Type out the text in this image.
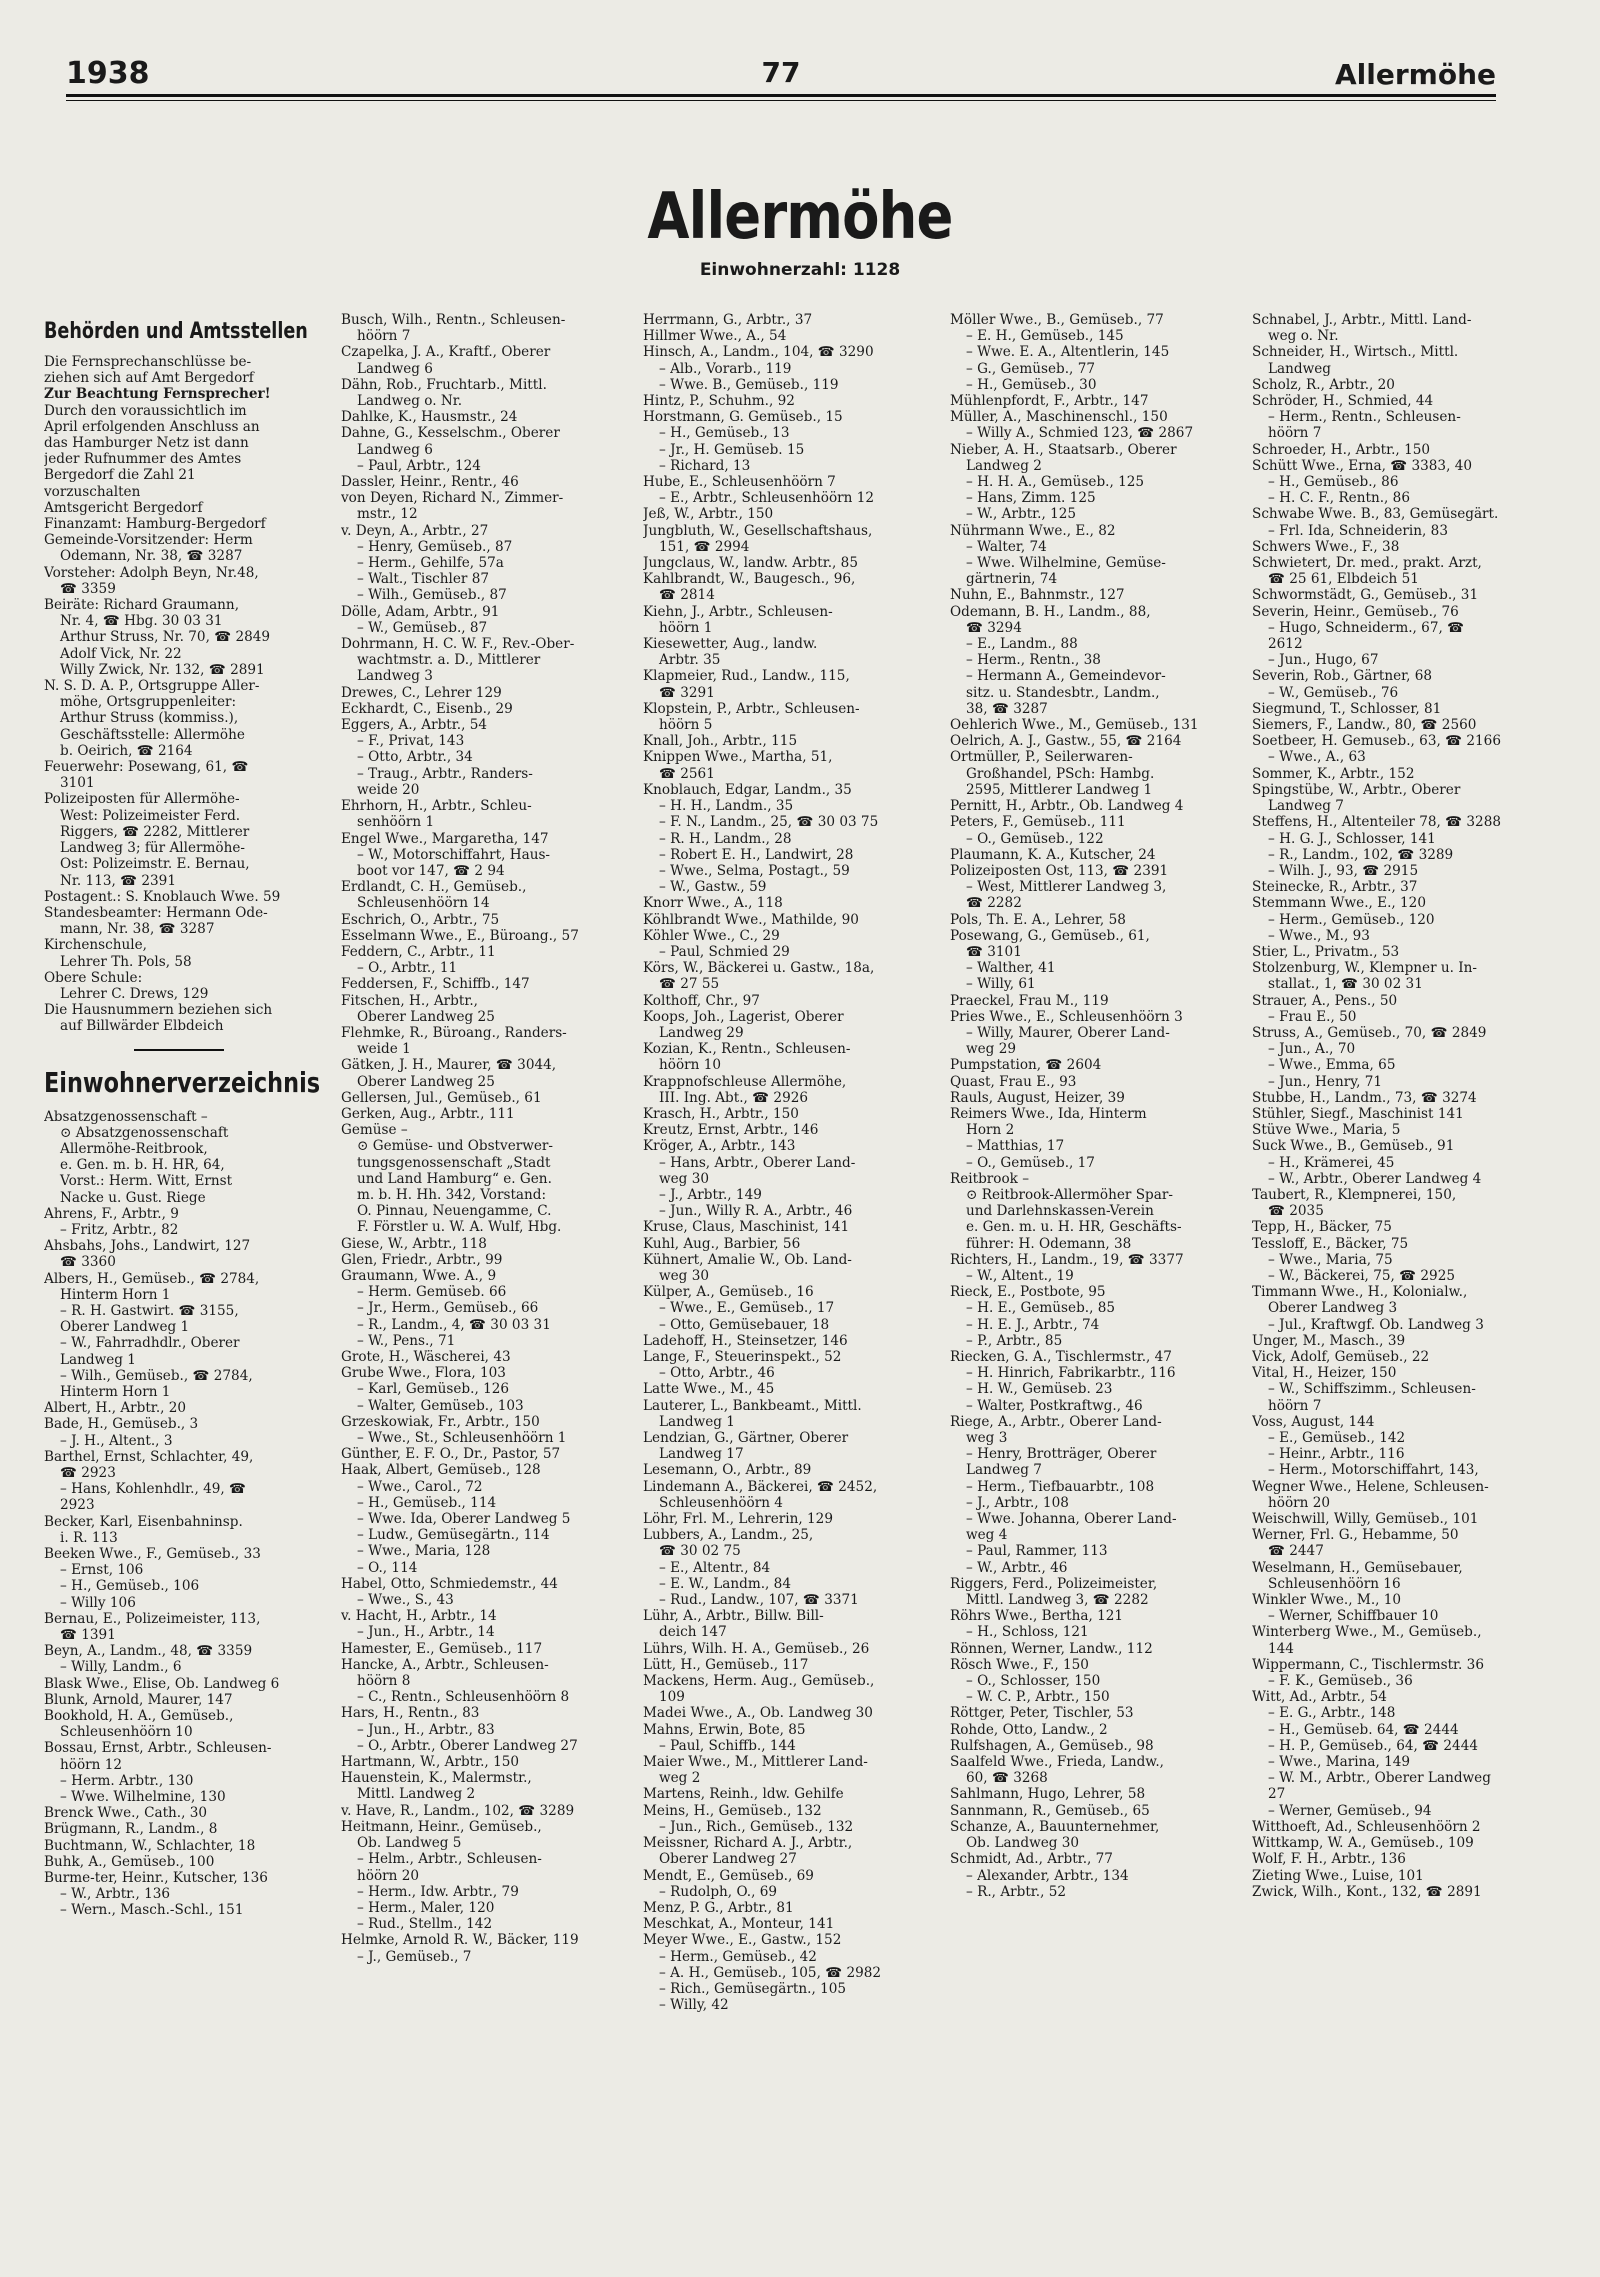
1938	77	Allermöhe
Allermöhe
Einwohnerzahl: 1128
Behörden und Amtsstellen
Die Fernsprechanschlüsse be-
ziehen sich auf Amt Bergedorf
Zur Beachtung Fernsprecher!
Durch den voraussichtlich im
April erfolgenden Anschluss an
das Hamburger Netz ist dann
jeder Rufnummer des Amtes
Bergedorf die Zahl 21
vorzuschalten
Amtsgericht Bergedorf
Finanzamt: Hamburg-Bergedorf
Gemeinde-Vorsitzender: Herm
Odemann, Nr. 38, ☎ 3287
Vorsteher: Adolph Beyn, Nr.48,
☎ 3359
Beiräte: Richard Graumann,
Nr. 4, ☎ Hbg. 30 03 31
Arthur Struss, Nr. 70, ☎ 2849
Adolf Vick, Nr. 22
Willy Zwick, Nr. 132, ☎ 2891
N. S. D. A. P., Ortsgruppe Aller-
möhe, Ortsgruppenleiter:
Arthur Struss (kommiss.),
Geschäftsstelle: Allermöhe
b. Oeirich, ☎ 2164
Feuerwehr: Posewang, 61, ☎
3101
Polizeiposten für Allermöhe-
West: Polizeimeister Ferd.
Riggers, ☎ 2282, Mittlerer
Landweg 3; für Allermöhe-
Ost: Polizeimstr. E. Bernau,
Nr. 113, ☎ 2391
Postagent.: S. Knoblauch Wwe. 59
Standesbeamter: Hermann Ode-
mann, Nr. 38, ☎ 3287
Kirchenschule,
Lehrer Th. Pols, 58
Obere Schule:
Lehrer C. Drews, 129
Die Hausnummern beziehen sich
auf Billwärder Elbdeich
Einwohnerverzeichnis
Absatzgenossenschaft –
⊙ Absatzgenossenschaft
Allermöhe-Reitbrook,
e. Gen. m. b. H. HR, 64,
Vorst.: Herm. Witt, Ernst
Nacke u. Gust. Riege
Ahrens, F., Arbtr., 9
– Fritz, Arbtr., 82
Ahsbahs, Johs., Landwirt, 127
☎ 3360
Albers, H., Gemüseb., ☎ 2784,
Hinterm Horn 1
– R. H. Gastwirt. ☎ 3155,
Oberer Landweg 1
– W., Fahrradhdlr., Oberer
Landweg 1
– Wilh., Gemüseb., ☎ 2784,
Hinterm Horn 1
Albert, H., Arbtr., 20
Bade, H., Gemüseb., 3
– J. H., Altent., 3
Barthel, Ernst, Schlachter, 49,
☎ 2923
– Hans, Kohlenhdlr., 49, ☎
2923
Becker, Karl, Eisenbahninsp.
i. R. 113
Beeken Wwe., F., Gemüseb., 33
– Ernst, 106
– H., Gemüseb., 106
– Willy 106
Bernau, E., Polizeimeister, 113,
☎ 1391
Beyn, A., Landm., 48, ☎ 3359
– Willy, Landm., 6
Blask Wwe., Elise, Ob. Landweg 6
Blunk, Arnold, Maurer, 147
Bookhold, H. A., Gemüseb.,
Schleusenhöörn 10
Bossau, Ernst, Arbtr., Schleusen-
höörn 12
– Herm. Arbtr., 130
– Wwe. Wilhelmine, 130
Brenck Wwe., Cath., 30
Brügmann, R., Landm., 8
Buchtmann, W., Schlachter, 18
Buhk, A., Gemüseb., 100
Burme-ter, Heinr., Kutscher, 136
– W., Arbtr., 136
– Wern., Masch.-Schl., 151
Busch, Wilh., Rentn., Schleusen-
höörn 7
Czapelka, J. A., Kraftf., Oberer
Landweg 6
Dähn, Rob., Fruchtarb., Mittl.
Landweg o. Nr.
Dahlke, K., Hausmstr., 24
Dahne, G., Kesselschm., Oberer
Landweg 6
– Paul, Arbtr., 124
Dassler, Heinr., Rentr., 46
von Deyen, Richard N., Zimmer-
mstr., 12
v. Deyn, A., Arbtr., 27
– Henry, Gemüseb., 87
– Herm., Gehilfe, 57a
– Walt., Tischler 87
– Wilh., Gemüseb., 87
Dölle, Adam, Arbtr., 91
– W., Gemüseb., 87
Dohrmann, H. C. W. F., Rev.-Ober-
wachtmstr. a. D., Mittlerer
Landweg 3
Drewes, C., Lehrer 129
Eckhardt, C., Eisenb., 29
Eggers, A., Arbtr., 54
– F., Privat, 143
– Otto, Arbtr., 34
– Traug., Arbtr., Randers-
weide 20
Ehrhorn, H., Arbtr., Schleu-
senhöörn 1
Engel Wwe., Margaretha, 147
– W., Motorschiffahrt, Haus-
boot vor 147, ☎ 2 94
Erdlandt, C. H., Gemüseb.,
Schleusenhöörn 14
Eschrich, O., Arbtr., 75
Esselmann Wwe., E., Büroang., 57
Feddern, C., Arbtr., 11
– O., Arbtr., 11
Feddersen, F., Schiffb., 147
Fitschen, H., Arbtr.,
Oberer Landweg 25
Flehmke, R., Büroang., Randers-
weide 1
Gätken, J. H., Maurer, ☎ 3044,
Oberer Landweg 25
Gellersen, Jul., Gemüseb., 61
Gerken, Aug., Arbtr., 111
Gemüse –
⊙ Gemüse- und Obstverwer-
tungsgenossenschaft „Stadt
und Land Hamburg“ e. Gen.
m. b. H. Hh. 342, Vorstand:
O. Pinnau, Neuengamme, C.
F. Förstler u. W. A. Wulf, Hbg.
Giese, W., Arbtr., 118
Glen, Friedr., Arbtr., 99
Graumann, Wwe. A., 9
– Herm. Gemüseb. 66
– Jr., Herm., Gemüseb., 66
– R., Landm., 4, ☎ 30 03 31
– W., Pens., 71
Grote, H., Wäscherei, 43
Grube Wwe., Flora, 103
– Karl, Gemüseb., 126
– Walter, Gemüseb., 103
Grzeskowiak, Fr., Arbtr., 150
– Wwe., St., Schleusenhöörn 1
Günther, E. F. O., Dr., Pastor, 57
Haak, Albert, Gemüseb., 128
– Wwe., Carol., 72
– H., Gemüseb., 114
– Wwe. Ida, Oberer Landweg 5
– Ludw., Gemüsegärtn., 114
– Wwe., Maria, 128
– O., 114
Habel, Otto, Schmiedemstr., 44
– Wwe., S., 43
v. Hacht, H., Arbtr., 14
– Jun., H., Arbtr., 14
Hamester, E., Gemüseb., 117
Hancke, A., Arbtr., Schleusen-
höörn 8
– C., Rentn., Schleusenhöörn 8
Hars, H., Rentn., 83
– Jun., H., Arbtr., 83
– O., Arbtr., Oberer Landweg 27
Hartmann, W., Arbtr., 150
Hauenstein, K., Malermstr.,
Mittl. Landweg 2
v. Have, R., Landm., 102, ☎ 3289
Heitmann, Heinr., Gemüseb.,
Ob. Landweg 5
– Helm., Arbtr., Schleusen-
höörn 20
– Herm., Idw. Arbtr., 79
– Herm., Maler, 120
– Rud., Stellm., 142
Helmke, Arnold R. W., Bäcker, 119
– J., Gemüseb., 7
Herrmann, G., Arbtr., 37
Hillmer Wwe., A., 54
Hinsch, A., Landm., 104, ☎ 3290
– Alb., Vorarb., 119
– Wwe. B., Gemüseb., 119
Hintz, P., Schuhm., 92
Horstmann, G. Gemüseb., 15
– H., Gemüseb., 13
– Jr., H. Gemüseb. 15
– Richard, 13
Hube, E., Schleusenhöörn 7
– E., Arbtr., Schleusenhöörn 12
Jeß, W., Arbtr., 150
Jungbluth, W., Gesellschaftshaus,
151, ☎ 2994
Jungclaus, W., landw. Arbtr., 85
Kahlbrandt, W., Baugesch., 96,
☎ 2814
Kiehn, J., Arbtr., Schleusen-
höörn 1
Kiesewetter, Aug., landw.
Arbtr. 35
Klapmeier, Rud., Landw., 115,
☎ 3291
Klopstein, P., Arbtr., Schleusen-
höörn 5
Knall, Joh., Arbtr., 115
Knippen Wwe., Martha, 51,
☎ 2561
Knoblauch, Edgar, Landm., 35
– H. H., Landm., 35
– F. N., Landm., 25, ☎ 30 03 75
– R. H., Landm., 28
– Robert E. H., Landwirt, 28
– Wwe., Selma, Postagt., 59
– W., Gastw., 59
Knorr Wwe., A., 118
Köhlbrandt Wwe., Mathilde, 90
Köhler Wwe., C., 29
– Paul, Schmied 29
Körs, W., Bäckerei u. Gastw., 18a,
☎ 27 55
Kolthoff, Chr., 97
Koops, Joh., Lagerist, Oberer
Landweg 29
Kozian, K., Rentn., Schleusen-
höörn 10
Krappnofschleuse Allermöhe,
III. Ing. Abt., ☎ 2926
Krasch, H., Arbtr., 150
Kreutz, Ernst, Arbtr., 146
Kröger, A., Arbtr., 143
– Hans, Arbtr., Oberer Land-
weg 30
– J., Arbtr., 149
– Jun., Willy R. A., Arbtr., 46
Kruse, Claus, Maschinist, 141
Kuhl, Aug., Barbier, 56
Kühnert, Amalie W., Ob. Land-
weg 30
Külper, A., Gemüseb., 16
– Wwe., E., Gemüseb., 17
– Otto, Gemüsebauer, 18
Ladehoff, H., Steinsetzer, 146
Lange, F., Steuerinspekt., 52
– Otto, Arbtr., 46
Latte Wwe., M., 45
Lauterer, L., Bankbeamt., Mittl.
Landweg 1
Lendzian, G., Gärtner, Oberer
Landweg 17
Lesemann, O., Arbtr., 89
Lindemann A., Bäckerei, ☎ 2452,
Schleusenhöörn 4
Löhr, Frl. M., Lehrerin, 129
Lubbers, A., Landm., 25,
☎ 30 02 75
– E., Altentr., 84
– E. W., Landm., 84
– Rud., Landw., 107, ☎ 3371
Lühr, A., Arbtr., Billw. Bill-
deich 147
Lührs, Wilh. H. A., Gemüseb., 26
Lütt, H., Gemüseb., 117
Mackens, Herm. Aug., Gemüseb.,
109
Madei Wwe., A., Ob. Landweg 30
Mahns, Erwin, Bote, 85
– Paul, Schiffb., 144
Maier Wwe., M., Mittlerer Land-
weg 2
Martens, Reinh., ldw. Gehilfe
Meins, H., Gemüseb., 132
– Jun., Rich., Gemüseb., 132
Meissner, Richard A. J., Arbtr.,
Oberer Landweg 27
Mendt, E., Gemüseb., 69
– Rudolph, O., 69
Menz, P. G., Arbtr., 81
Meschkat, A., Monteur, 141
Meyer Wwe., E., Gastw., 152
– Herm., Gemüseb., 42
– A. H., Gemüseb., 105, ☎ 2982
– Rich., Gemüsegärtn., 105
– Willy, 42
Möller Wwe., B., Gemüseb., 77
– E. H., Gemüseb., 145
– Wwe. E. A., Altentlerin, 145
– G., Gemüseb., 77
– H., Gemüseb., 30
Mühlenpfordt, F., Arbtr., 147
Müller, A., Maschinenschl., 150
– Willy A., Schmied 123, ☎ 2867
Nieber, A. H., Staatsarb., Oberer
Landweg 2
– H. H. A., Gemüseb., 125
– Hans, Zimm. 125
– W., Arbtr., 125
Nührmann Wwe., E., 82
– Walter, 74
– Wwe. Wilhelmine, Gemüse-
gärtnerin, 74
Nuhn, E., Bahnmstr., 127
Odemann, B. H., Landm., 88,
☎ 3294
– E., Landm., 88
– Herm., Rentn., 38
– Hermann A., Gemeindevor-
sitz. u. Standesbtr., Landm.,
38, ☎ 3287
Oehlerich Wwe., M., Gemüseb., 131
Oelrich, A. J., Gastw., 55, ☎ 2164
Ortmüller, P., Seilerwaren-
Großhandel, PSch: Hambg.
2595, Mittlerer Landweg 1
Pernitt, H., Arbtr., Ob. Landweg 4
Peters, F., Gemüseb., 111
– O., Gemüseb., 122
Plaumann, K. A., Kutscher, 24
Polizeiposten Ost, 113, ☎ 2391
– West, Mittlerer Landweg 3,
☎ 2282
Pols, Th. E. A., Lehrer, 58
Posewang, G., Gemüseb., 61,
☎ 3101
– Walther, 41
– Willy, 61
Praeckel, Frau M., 119
Pries Wwe., E., Schleusenhöörn 3
– Willy, Maurer, Oberer Land-
weg 29
Pumpstation, ☎ 2604
Quast, Frau E., 93
Rauls, August, Heizer, 39
Reimers Wwe., Ida, Hinterm
Horn 2
– Matthias, 17
– O., Gemüseb., 17
Reitbrook –
⊙ Reitbrook-Allermöher Spar-
und Darlehnskassen-Verein
e. Gen. m. u. H. HR, Geschäfts-
führer: H. Odemann, 38
Richters, H., Landm., 19, ☎ 3377
– W., Altent., 19
Rieck, E., Postbote, 95
– H. E., Gemüseb., 85
– H. E. J., Arbtr., 74
– P., Arbtr., 85
Riecken, G. A., Tischlermstr., 47
– H. Hinrich, Fabrikarbtr., 116
– H. W., Gemüseb. 23
– Walter, Postkraftwg., 46
Riege, A., Arbtr., Oberer Land-
weg 3
– Henry, Brotträger, Oberer
Landweg 7
– Herm., Tiefbauarbtr., 108
– J., Arbtr., 108
– Wwe. Johanna, Oberer Land-
weg 4
– Paul, Rammer, 113
– W., Arbtr., 46
Riggers, Ferd., Polizeimeister,
Mittl. Landweg 3, ☎ 2282
Röhrs Wwe., Bertha, 121
– H., Schloss, 121
Rönnen, Werner, Landw., 112
Rösch Wwe., F., 150
– O., Schlosser, 150
– W. C. P., Arbtr., 150
Röttger, Peter, Tischler, 53
Rohde, Otto, Landw., 2
Rulfshagen, A., Gemüseb., 98
Saalfeld Wwe., Frieda, Landw.,
60, ☎ 3268
Sahlmann, Hugo, Lehrer, 58
Sannmann, R., Gemüseb., 65
Schanze, A., Bauunternehmer,
Ob. Landweg 30
Schmidt, Ad., Arbtr., 77
– Alexander, Arbtr., 134
– R., Arbtr., 52
Schnabel, J., Arbtr., Mittl. Land-
weg o. Nr.
Schneider, H., Wirtsch., Mittl.
Landweg
Scholz, R., Arbtr., 20
Schröder, H., Schmied, 44
– Herm., Rentn., Schleusen-
höörn 7
Schroeder, H., Arbtr., 150
Schütt Wwe., Erna, ☎ 3383, 40
– H., Gemüseb., 86
– H. C. F., Rentn., 86
Schwabe Wwe. B., 83, Gemüsegärt.
– Frl. Ida, Schneiderin, 83
Schwers Wwe., F., 38
Schwietert, Dr. med., prakt. Arzt,
☎ 25 61, Elbdeich 51
Schwormstädt, G., Gemüseb., 31
Severin, Heinr., Gemüseb., 76
– Hugo, Schneiderm., 67, ☎
2612
– Jun., Hugo, 67
Severin, Rob., Gärtner, 68
– W., Gemüseb., 76
Siegmund, T., Schlosser, 81
Siemers, F., Landw., 80, ☎ 2560
Soetbeer, H. Gemuseb., 63, ☎ 2166
– Wwe., A., 63
Sommer, K., Arbtr., 152
Spingstübe, W., Arbtr., Oberer
Landweg 7
Steffens, H., Altenteiler 78, ☎ 3288
– H. G. J., Schlosser, 141
– R., Landm., 102, ☎ 3289
– Wilh. J., 93, ☎ 2915
Steinecke, R., Arbtr., 37
Stemmann Wwe., E., 120
– Herm., Gemüseb., 120
– Wwe., M., 93
Stier, L., Privatm., 53
Stolzenburg, W., Klempner u. In-
stallat., 1, ☎ 30 02 31
Strauer, A., Pens., 50
– Frau E., 50
Struss, A., Gemüseb., 70, ☎ 2849
– Jun., A., 70
– Wwe., Emma, 65
– Jun., Henry, 71
Stubbe, H., Landm., 73, ☎ 3274
Stühler, Siegf., Maschinist 141
Stüve Wwe., Maria, 5
Suck Wwe., B., Gemüseb., 91
– H., Krämerei, 45
– W., Arbtr., Oberer Landweg 4
Taubert, R., Klempnerei, 150,
☎ 2035
Tepp, H., Bäcker, 75
Tessloff, E., Bäcker, 75
– Wwe., Maria, 75
– W., Bäckerei, 75, ☎ 2925
Timmann Wwe., H., Kolonialw.,
Oberer Landweg 3
– Jul., Kraftwgf. Ob. Landweg 3
Unger, M., Masch., 39
Vick, Adolf, Gemüseb., 22
Vital, H., Heizer, 150
– W., Schiffszimm., Schleusen-
höörn 7
Voss, August, 144
– E., Gemüseb., 142
– Heinr., Arbtr., 116
– Herm., Motorschiffahrt, 143,
Wegner Wwe., Helene, Schleusen-
höörn 20
Weischwill, Willy, Gemüseb., 101
Werner, Frl. G., Hebamme, 50
☎ 2447
Weselmann, H., Gemüsebauer,
Schleusenhöörn 16
Winkler Wwe., M., 10
– Werner, Schiffbauer 10
Winterberg Wwe., M., Gemüseb.,
144
Wippermann, C., Tischlermstr. 36
– F. K., Gemüseb., 36
Witt, Ad., Arbtr., 54
– E. G., Arbtr., 148
– H., Gemüseb. 64, ☎ 2444
– H. P., Gemüseb., 64, ☎ 2444
– Wwe., Marina, 149
– W. M., Arbtr., Oberer Landweg
27
– Werner, Gemüseb., 94
Witthoeft, Ad., Schleusenhöörn 2
Wittkamp, W. A., Gemüseb., 109
Wolf, F. H., Arbtr., 136
Zieting Wwe., Luise, 101
Zwick, Wilh., Kont., 132, ☎ 2891
